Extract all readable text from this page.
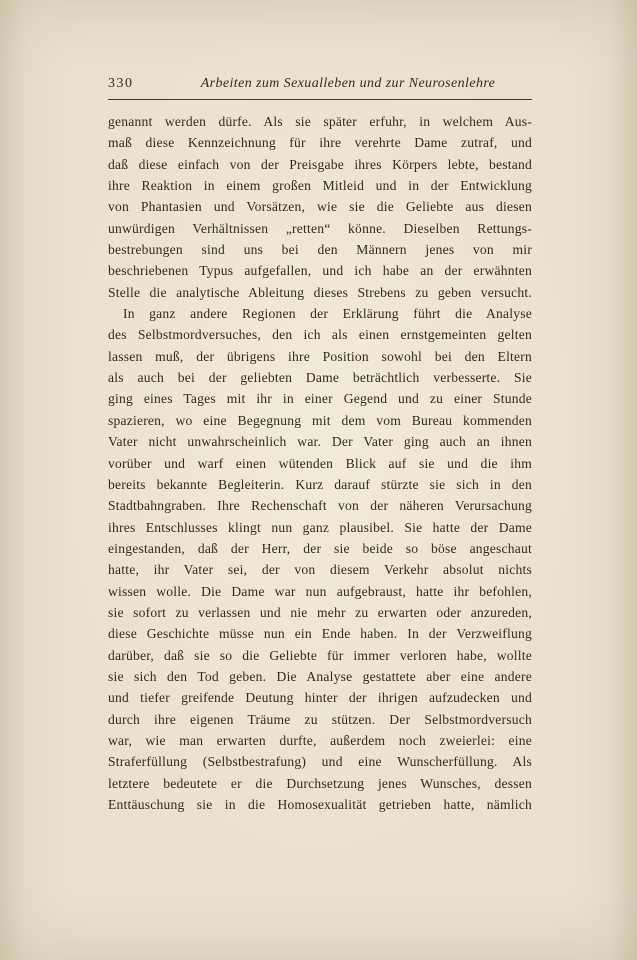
330	Arbeiten zum Sexualleben und zur Neurosenlehre
genannt werden dürfe. Als sie später erfuhr, in welchem Aus-
maß diese Kennzeichnung für ihre verehrte Dame zutraf, und
daß diese einfach von der Preisgabe ihres Körpers lebte, bestand
ihre Reaktion in einem großen Mitleid und in der Entwicklung
von Phantasien und Vorsätzen, wie sie die Geliebte aus diesen
unwürdigen Verhältnissen „retten“ könne. Dieselben Rettungs-
bestrebungen sind uns bei den Männern jenes von mir
beschriebenen Typus aufgefallen, und ich habe an der erwähnten
Stelle die analytische Ableitung dieses Strebens zu geben versucht.
In ganz andere Regionen der Erklärung führt die Analyse
des Selbstmordversuches, den ich als einen ernstgemeinten gelten
lassen muß, der übrigens ihre Position sowohl bei den Eltern
als auch bei der geliebten Dame beträchtlich verbesserte. Sie
ging eines Tages mit ihr in einer Gegend und zu einer Stunde
spazieren, wo eine Begegnung mit dem vom Bureau kommenden
Vater nicht unwahrscheinlich war. Der Vater ging auch an ihnen
vorüber und warf einen wütenden Blick auf sie und die ihm
bereits bekannte Begleiterin. Kurz darauf stürzte sie sich in den
Stadtbahngraben. Ihre Rechenschaft von der näheren Verursachung
ihres Entschlusses klingt nun ganz plausibel. Sie hatte der Dame
eingestanden, daß der Herr, der sie beide so böse angeschaut
hatte, ihr Vater sei, der von diesem Verkehr absolut nichts
wissen wolle. Die Dame war nun aufgebraust, hatte ihr befohlen,
sie sofort zu verlassen und nie mehr zu erwarten oder anzureden,
diese Geschichte müsse nun ein Ende haben. In der Verzweiflung
darüber, daß sie so die Geliebte für immer verloren habe, wollte
sie sich den Tod geben. Die Analyse gestattete aber eine andere
und tiefer greifende Deutung hinter der ihrigen aufzudecken und
durch ihre eigenen Träume zu stützen. Der Selbstmordversuch
war, wie man erwarten durfte, außerdem noch zweierlei: eine
Straferfüllung (Selbstbestrafung) und eine Wunscherfüllung. Als
letztere bedeutete er die Durchsetzung jenes Wunsches, dessen
Enttäuschung sie in die Homosexualität getrieben hatte, nämlich
